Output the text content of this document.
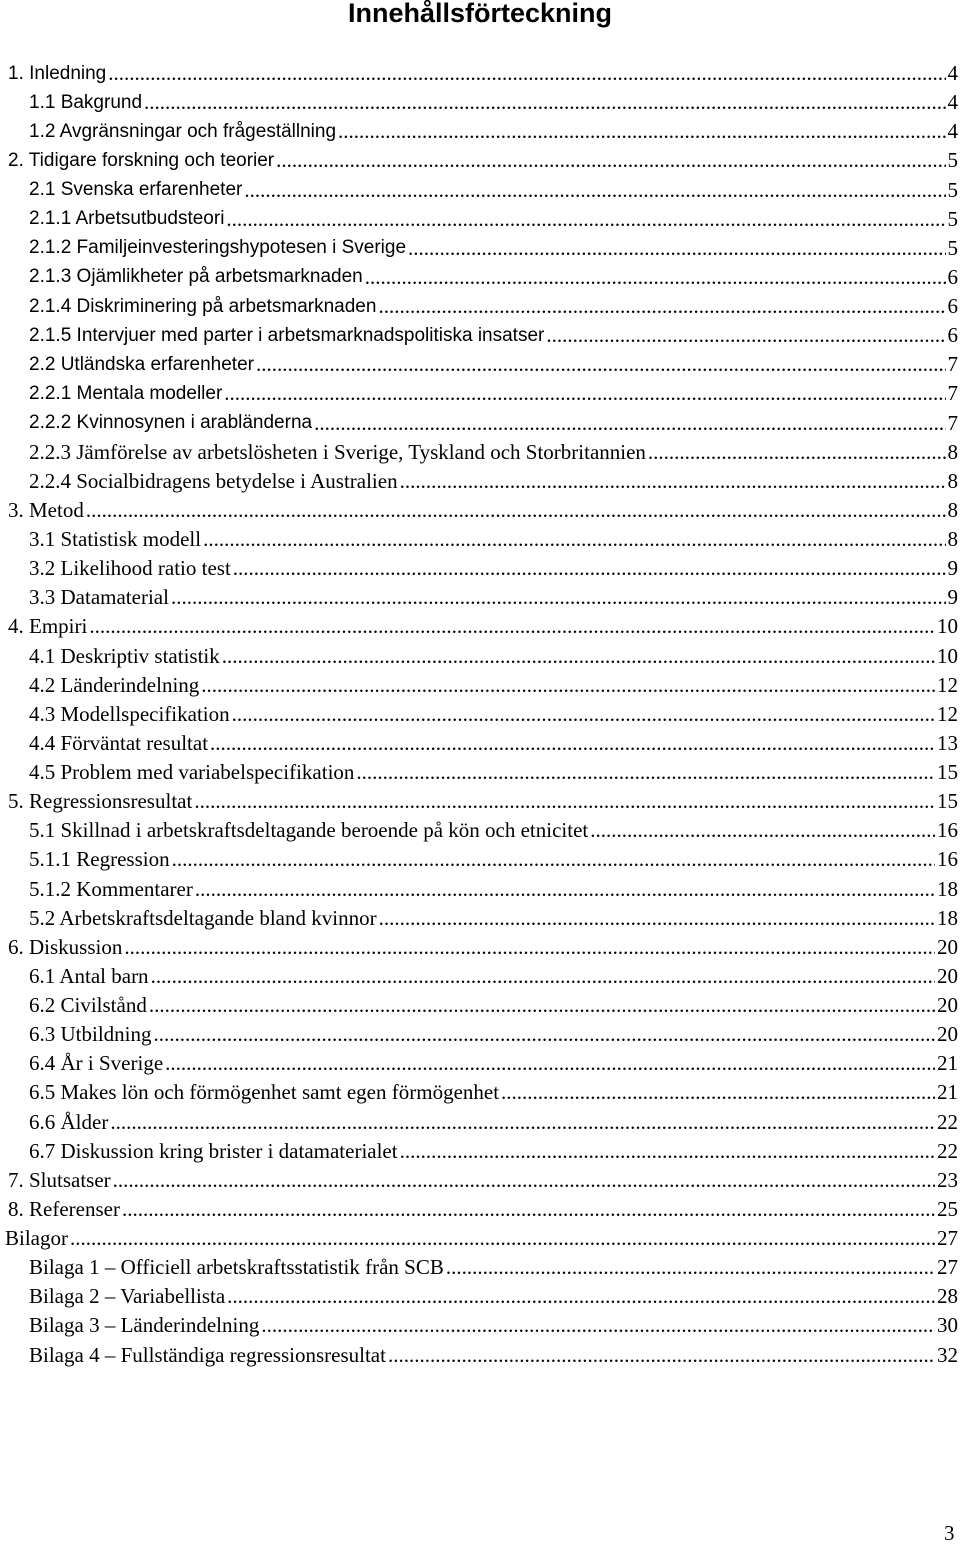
Innehållsförteckning
1. Inledning .....	4
1.1 Bakgrund .....	4
1.2 Avgränsningar och frågeställning .....	4
2. Tidigare forskning och teorier .....	5
2.1 Svenska erfarenheter .....	5
2.1.1 Arbetsutbudsteori .....	5
2.1.2 Familjeinvesteringshypotesen i Sverige .....	5
2.1.3 Ojämlikheter på arbetsmarknaden .....	6
2.1.4 Diskriminering på arbetsmarknaden .....	6
2.1.5 Intervjuer med parter i arbetsmarknadspolitiska insatser .....	6
2.2 Utländska erfarenheter .....	7
2.2.1 Mentala modeller .....	7
2.2.2 Kvinnosynen i arabländerna .....	7
2.2.3 Jämförelse av arbetslösheten i Sverige, Tyskland och Storbritannien .....	8
2.2.4 Socialbidragens betydelse i Australien .....	8
3. Metod .....	8
3.1 Statistisk modell .....	8
3.2 Likelihood ratio test .....	9
3.3 Datamaterial .....	9
4. Empiri .....	10
4.1 Deskriptiv statistik .....	10
4.2 Länderindelning .....	12
4.3 Modellspecifikation .....	12
4.4 Förväntat resultat .....	13
4.5 Problem med variabelspecifikation .....	15
5. Regressionsresultat .....	15
5.1 Skillnad i arbetskraftsdeltagande beroende på kön och etnicitet .....	16
5.1.1 Regression .....	16
5.1.2 Kommentarer .....	18
5.2 Arbetskraftsdeltagande bland kvinnor .....	18
6. Diskussion .....	20
6.1 Antal barn .....	20
6.2 Civilstånd .....	20
6.3 Utbildning .....	20
6.4 År i Sverige .....	21
6.5 Makes lön och förmögenhet samt egen förmögenhet .....	21
6.6 Ålder .....	22
6.7 Diskussion kring brister i datamaterialet .....	22
7. Slutsatser .....	23
8. Referenser .....	25
Bilagor .....	27
Bilaga 1 – Officiell arbetskraftsstatistik från SCB .....	27
Bilaga 2 – Variabellista .....	28
Bilaga 3 – Länderindelning .....	30
Bilaga 4 – Fullständiga regressionsresultat .....	32
3
